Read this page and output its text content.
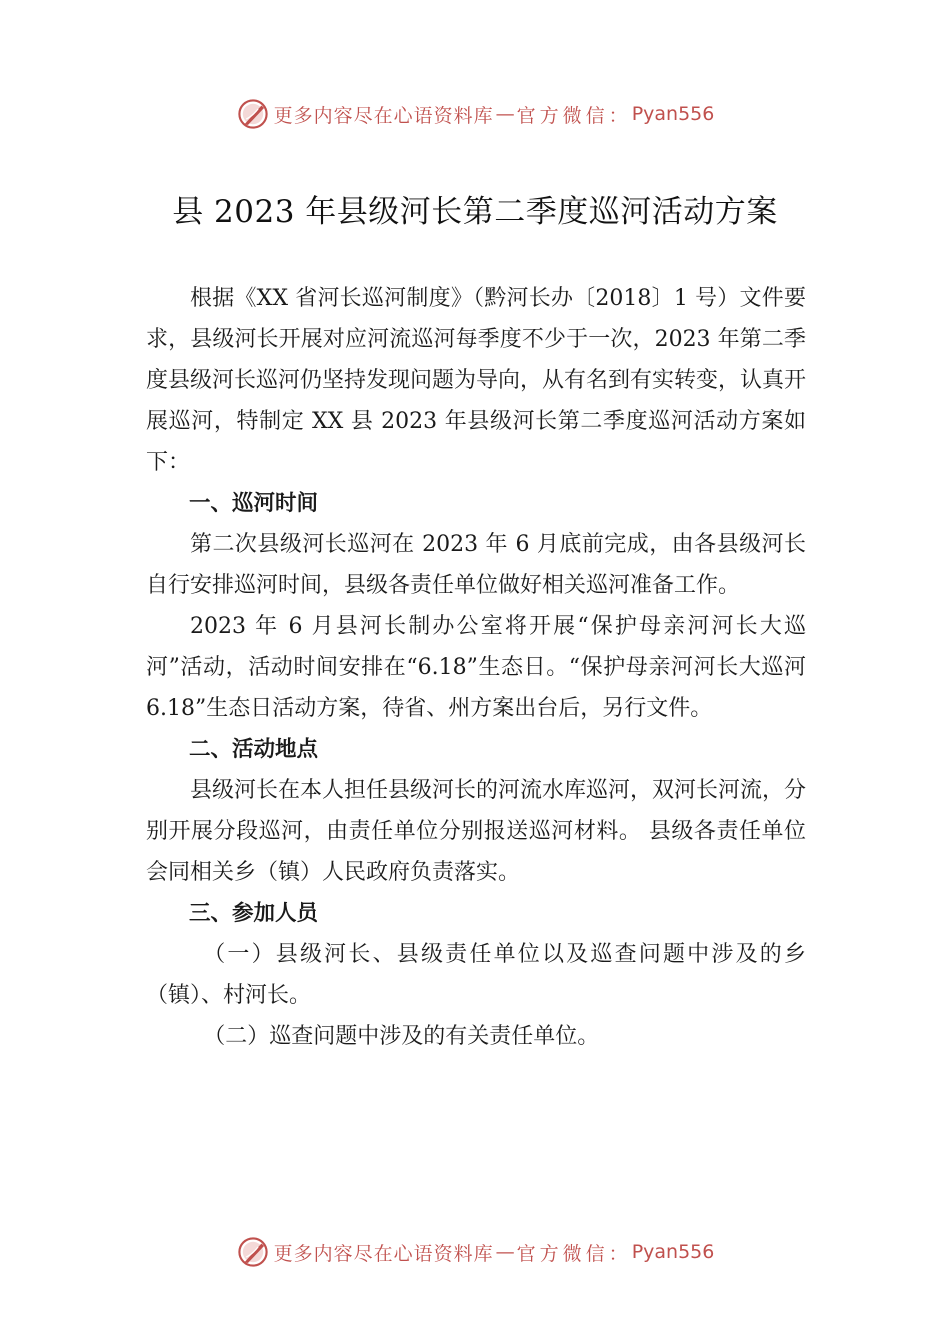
更多内容尽在心语资料库 — 官方微信： Pyan556
县 2023 年县级河长第二季度巡河活动方案

根据《XX 省河长巡河制度》（黔河长办〔2018〕1 号）文件要求，县级河长开展对应河流巡河每季度不少于一次，2023 年第二季度县级河长巡河仍坚持发现问题为导向，从有名到有实转变，认真开展巡河，特制定 XX 县 2023 年县级河长第二季度巡河活动方案如下：

一、巡河时间

第二次县级河长巡河在 2023 年 6 月底前完成，由各县级河长自行安排巡河时间，县级各责任单位做好相关巡河准备工作。

2023 年 6 月县河长制办公室将开展“保护母亲河河长大巡河”活动，活动时间安排在“6.18”生态日。“保护母亲河河长大巡河 6.18”生态日活动方案，待省、州方案出台后，另行文件。

二、活动地点

县级河长在本人担任县级河长的河流水库巡河，双河长河流，分别开展分段巡河，由责任单位分别报送巡河材料。 县级各责任单位会同相关乡（镇）人民政府负责落实。

三、参加人员

（一）县级河长、县级责任单位以及巡查问题中涉及的乡（镇）、村河长。

（二）巡查问题中涉及的有关责任单位。

更多内容尽在心语资料库 — 官方微信： Pyan556
